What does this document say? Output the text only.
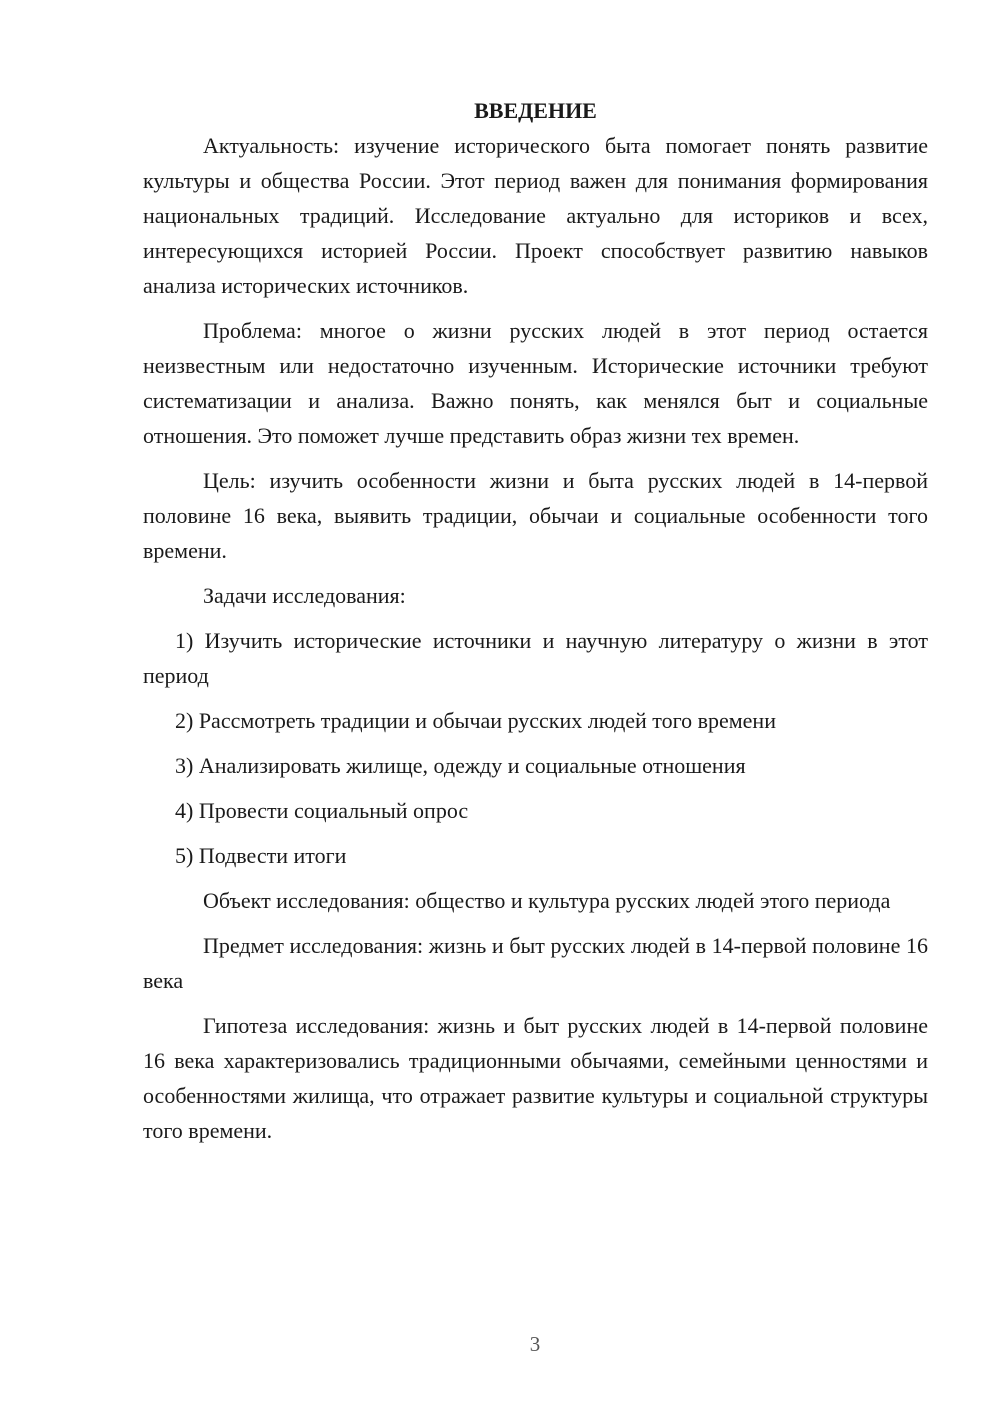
ВВЕДЕНИЕ

Актуальность: изучение исторического быта помогает понять развитие культуры и общества России. Этот период важен для понимания формирования национальных традиций. Исследование актуально для историков и всех, интересующихся историей России. Проект способствует развитию навыков анализа исторических источников.

Проблема: многое о жизни русских людей в этот период остается неизвестным или недостаточно изученным. Исторические источники требуют систематизации и анализа. Важно понять, как менялся быт и социальные отношения. Это поможет лучше представить образ жизни тех времен.

Цель: изучить особенности жизни и быта русских людей в 14-первой половине 16 века, выявить традиции, обычаи и социальные особенности того времени.

Задачи исследования:

1) Изучить исторические источники и научную литературу о жизни в этот период

2) Рассмотреть традиции и обычаи русских людей того времени

3) Анализировать жилище, одежду и социальные отношения

4) Провести социальный опрос

5) Подвести итоги

Объект исследования: общество и культура русских людей этого периода

Предмет исследования: жизнь и быт русских людей в 14-первой половине 16 века

Гипотеза исследования: жизнь и быт русских людей в 14-первой половине 16 века характеризовались традиционными обычаями, семейными ценностями и особенностями жилища, что отражает развитие культуры и социальной структуры того времени.

3
